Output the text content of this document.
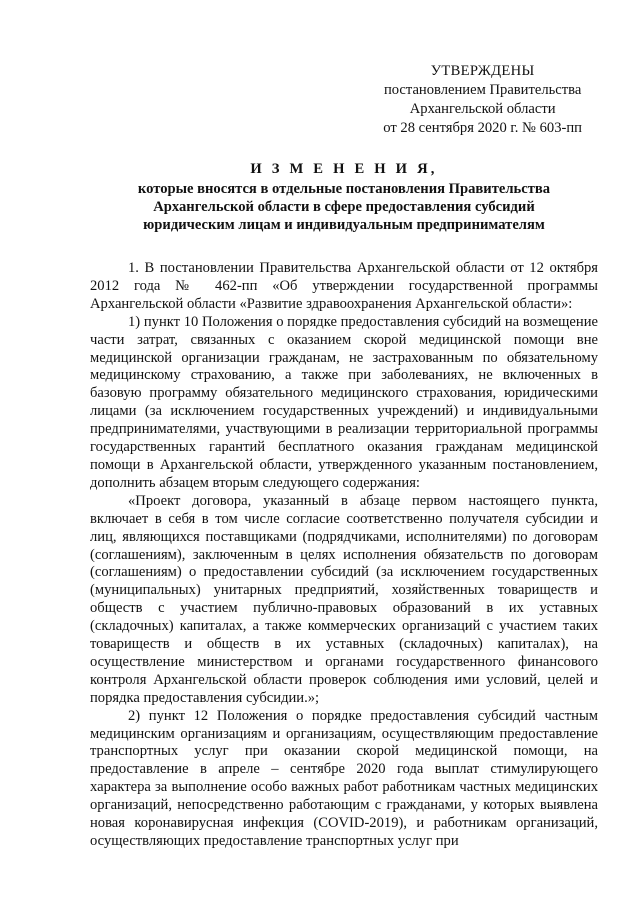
УТВЕРЖДЕНЫ
постановлением Правительства
Архангельской области
от 28 сентября 2020 г. № 603-пп
И З М Е Н Е Н И Я,
которые вносятся в отдельные постановления Правительства
Архангельской области в сфере предоставления субсидий
юридическим лицам и индивидуальным предпринимателям

1. В постановлении Правительства Архангельской области от 12 октября 2012 года № 462-пп «Об утверждении государственной программы Архангельской области «Развитие здравоохранения Архангельской области»:

1) пункт 10 Положения о порядке предоставления субсидий на возмещение части затрат, связанных с оказанием скорой медицинской помощи вне медицинской организации гражданам, не застрахованным по обязательному медицинскому страхованию, а также при заболеваниях, не включенных в базовую программу обязательного медицинского страхования, юридическими лицами (за исключением государственных учреждений) и индивидуальными предпринимателями, участвующими в реализации территориальной программы государственных гарантий бесплатного оказания гражданам медицинской помощи в Архангельской области, утвержденного указанным постановлением, дополнить абзацем вторым следующего содержания:

«Проект договора, указанный в абзаце первом настоящего пункта, включает в себя в том числе согласие соответственно получателя субсидии и лиц, являющихся поставщиками (подрядчиками, исполнителями) по договорам (соглашениям), заключенным в целях исполнения обязательств по договорам (соглашениям) о предоставлении субсидий (за исключением государственных (муниципальных) унитарных предприятий, хозяйственных товариществ и обществ с участием публично-правовых образований в их уставных (складочных) капиталах, а также коммерческих организаций с участием таких товариществ и обществ в их уставных (складочных) капиталах), на осуществление министерством и органами государственного финансового контроля Архангельской области проверок соблюдения ими условий, целей и порядка предоставления субсидии.»;

2) пункт 12 Положения о порядке предоставления субсидий частным медицинским организациям и организациям, осуществляющим предоставление транспортных услуг при оказании скорой медицинской помощи, на предоставление в апреле – сентябре 2020 года выплат стимулирующего характера за выполнение особо важных работ работникам частных медицинских организаций, непосредственно работающим с гражданами, у которых выявлена новая коронавирусная инфекция (COVID-2019), и работникам организаций, осуществляющих предоставление транспортных услуг при
